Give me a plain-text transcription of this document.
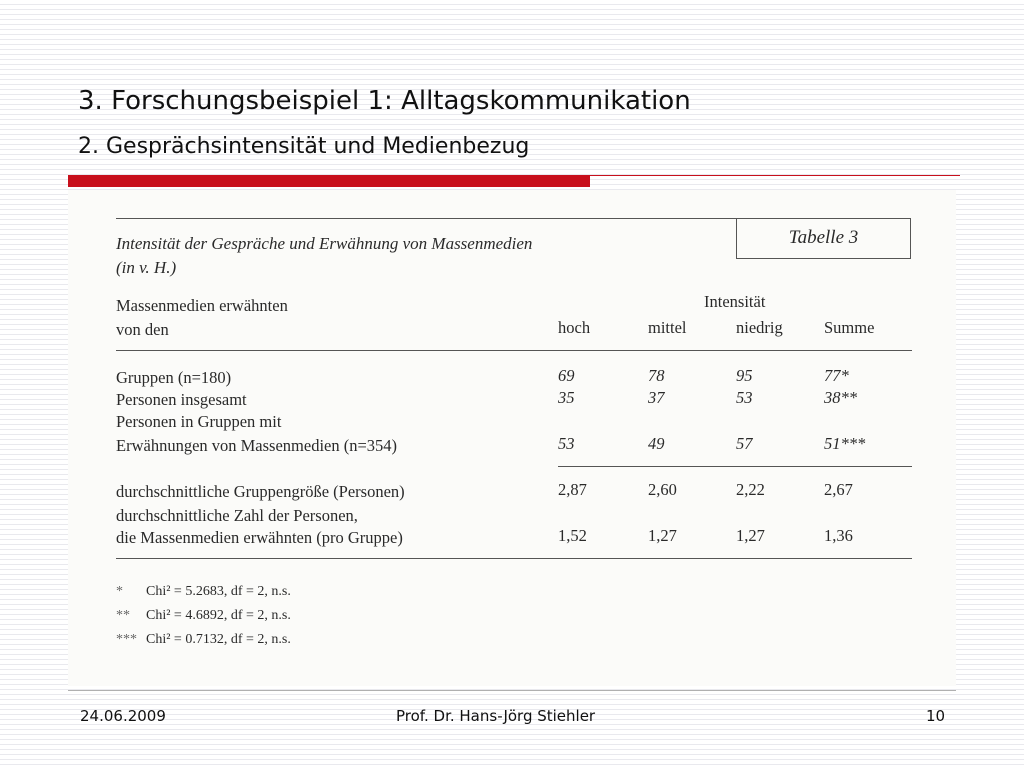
3. Forschungsbeispiel 1: Alltagskommunikation
2. Gesprächsintensität und Medienbezug
Tabelle 3
Intensität der Gespräche und Erwähnung von Massenmedien
(in v. H.)
Massenmedien erwähnten
von den
Intensität
hoch	mittel	niedrig	Summe
Gruppen (n=180)	69	78	95	77*
Personen insgesamt	35	37	53	38**
Personen in Gruppen mit
Erwähnungen von Massenmedien (n=354)	53	49	57	51***
durchschnittliche Gruppengröße (Personen)	2,87	2,60	2,22	2,67
durchschnittliche Zahl der Personen,
die Massenmedien erwähnten (pro Gruppe)	1,52	1,27	1,27	1,36
* Chi² = 5.2683, df = 2, n.s.
** Chi² = 4.6892, df = 2, n.s.
*** Chi² = 0.7132, df = 2, n.s.
24.06.2009	Prof. Dr. Hans-Jörg Stiehler	10
